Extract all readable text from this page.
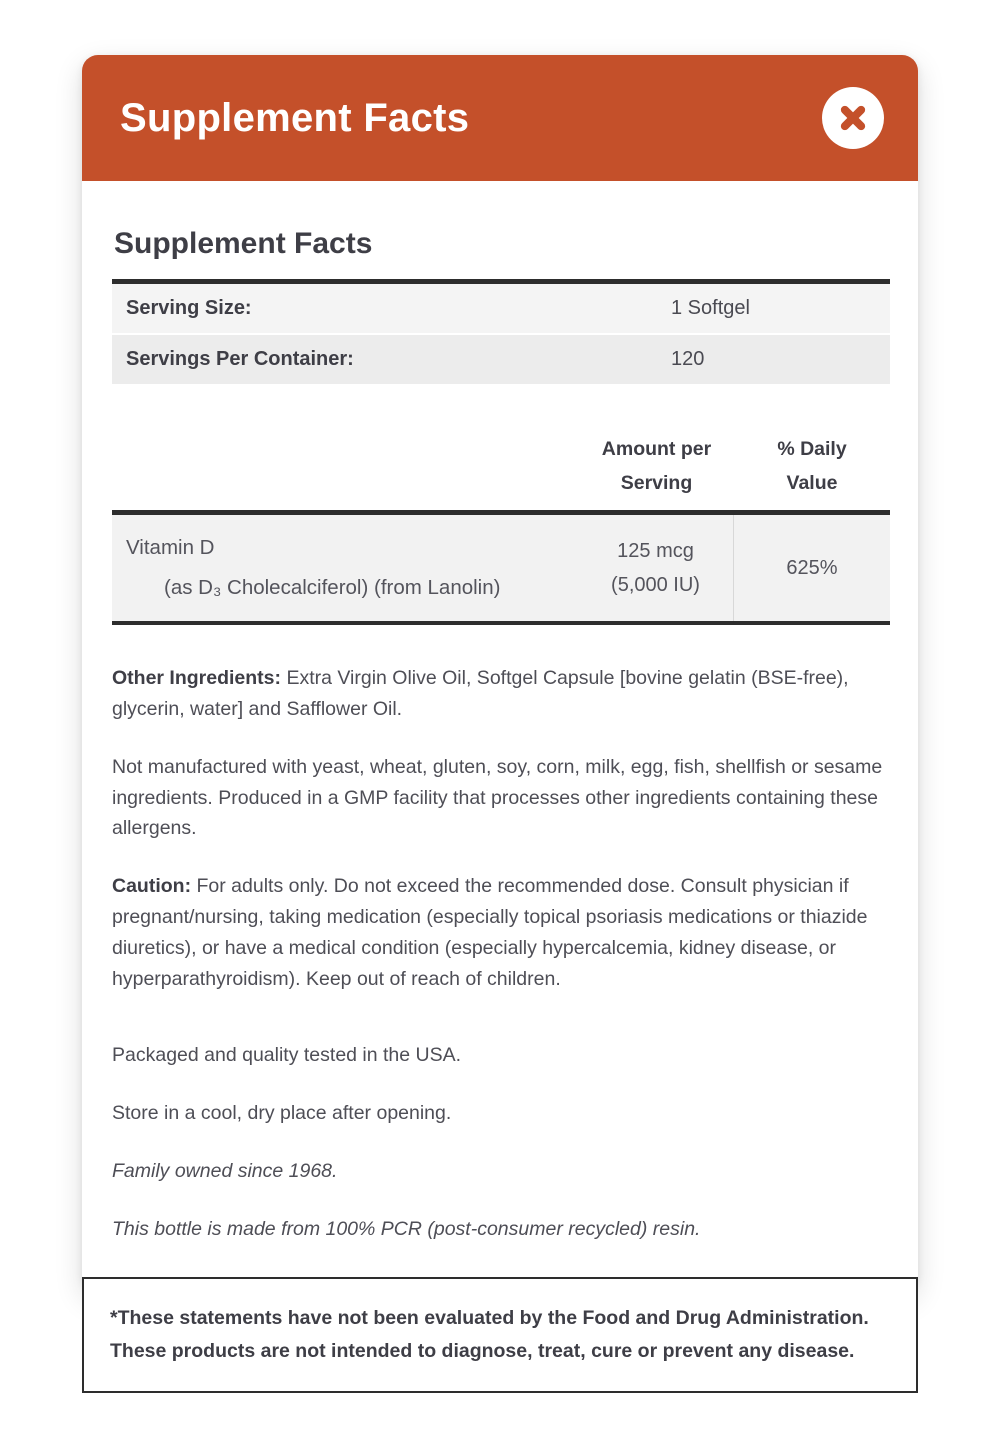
Supplement Facts
Supplement Facts
Serving Size:	1 Softgel
Servings Per Container:	120
Amount per Serving
% Daily Value
Vitamin D
(as D₃ Cholecalciferol) (from Lanolin)
125 mcg (5,000 IU)
625%

Other Ingredients: Extra Virgin Olive Oil, Softgel Capsule [bovine gelatin (BSE-free), glycerin, water] and Safflower Oil.

Not manufactured with yeast, wheat, gluten, soy, corn, milk, egg, fish, shellfish or sesame ingredients. Produced in a GMP facility that processes other ingredients containing these allergens.

Caution: For adults only. Do not exceed the recommended dose. Consult physician if pregnant/nursing, taking medication (especially topical psoriasis medications or thiazide diuretics), or have a medical condition (especially hypercalcemia, kidney disease, or hyperparathyroidism). Keep out of reach of children.

Packaged and quality tested in the USA.

Store in a cool, dry place after opening.

Family owned since 1968.

This bottle is made from 100% PCR (post-consumer recycled) resin.

*These statements have not been evaluated by the Food and Drug Administration. These products are not intended to diagnose, treat, cure or prevent any disease.
